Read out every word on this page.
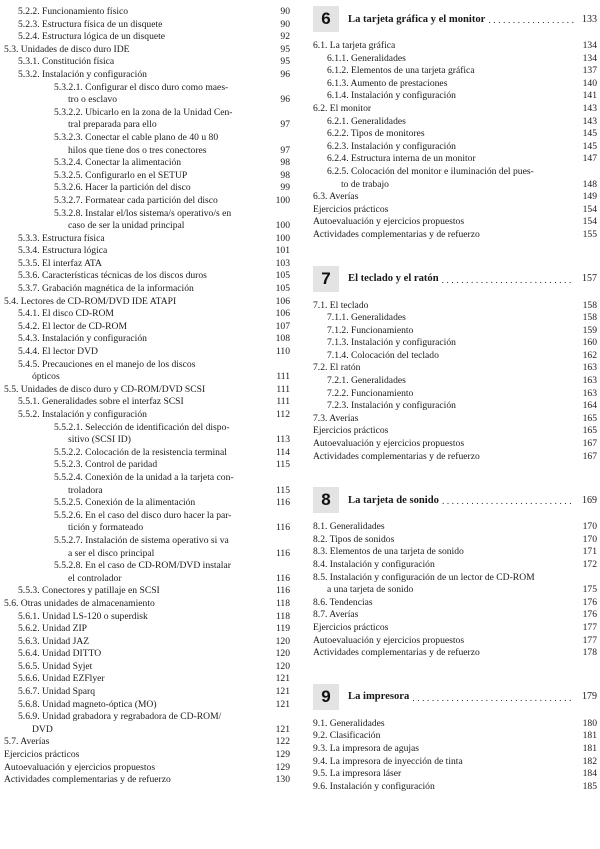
5.2.2. Funcionamiento físico	90
5.2.3. Estructura física de un disquete	90
5.2.4. Estructura lógica de un disquete	92
5.3. Unidades de disco duro IDE	95
5.3.1. Constitución física	95
5.3.2. Instalación y configuración	96
5.3.2.1. Configurar el disco duro como maes-
tro o esclavo	96
5.3.2.2. Ubicarlo en la zona de la Unidad Cen-
tral preparada para ello	97
5.3.2.3. Conectar el cable plano de 40 u 80
hilos que tiene dos o tres conectores	97
5.3.2.4. Conectar la alimentación	98
5.3.2.5. Configurarlo en el SETUP	98
5.3.2.6. Hacer la partición del disco	99
5.3.2.7. Formatear cada partición del disco	100
5.3.2.8. Instalar el/los sistema/s operativo/s en
caso de ser la unidad principal	100
5.3.3. Estructura física	100
5.3.4. Estructura lógica	101
5.3.5. El interfaz ATA	103
5.3.6. Características técnicas de los discos duros	105
5.3.7. Grabación magnética de la información	105
5.4. Lectores de CD-ROM/DVD IDE ATAPI	106
5.4.1. El disco CD-ROM	106
5.4.2. El lector de CD-ROM	107
5.4.3. Instalación y configuración	108
5.4.4. El lector DVD	110
5.4.5. Precauciones en el manejo de los discos
ópticos	111
5.5. Unidades de disco duro y CD-ROM/DVD SCSI	111
5.5.1. Generalidades sobre el interfaz SCSI	111
5.5.2. Instalación y configuración	112
5.5.2.1. Selección de identificación del dispo-
sitivo (SCSI ID)	113
5.5.2.2. Colocación de la resistencia terminal	114
5.5.2.3. Control de paridad	115
5.5.2.4. Conexión de la unidad a la tarjeta con-
troladora	115
5.5.2.5. Conexión de la alimentación	116
5.5.2.6. En el caso del disco duro hacer la par-
tición y formateado	116
5.5.2.7. Instalación de sistema operativo si va
a ser el disco principal	116
5.5.2.8. En el caso de CD-ROM/DVD instalar
el controlador	116
5.5.3. Conectores y patillaje en SCSI	116
5.6. Otras unidades de almacenamiento	118
5.6.1. Unidad LS-120 o superdisk	118
5.6.2. Unidad ZIP	119
5.6.3. Unidad JAZ	120
5.6.4. Unidad DITTO	120
5.6.5. Unidad Syjet	120
5.6.6. Unidad EZFlyer	121
5.6.7. Unidad Sparq	121
5.6.8. Unidad magneto-óptica (MO)	121
5.6.9. Unidad grabadora y regrabadora de CD-ROM/
DVD	121
5.7. Averías	122
Ejercicios prácticos	129
Autoevaluación y ejercicios propuestos	129
Actividades complementarias y de refuerzo	130
6	La tarjeta gráfica y el monitor . . .	133
6.1. La tarjeta gráfica	134
6.1.1. Generalidades	134
6.1.2. Elementos de una tarjeta gráfica	137
6.1.3. Aumento de prestaciones	140
6.1.4. Instalación y configuración	141
6.2. El monitor	143
6.2.1. Generalidades	143
6.2.2. Tipos de monitores	145
6.2.3. Instalación y configuración	145
6.2.4. Estructura interna de un monitor	147
6.2.5. Colocación del monitor e iluminación del pues-
to de trabajo	148
6.3. Averías	149
Ejercicios prácticos	154
Autoevaluación y ejercicios propuestos	154
Actividades complementarias y de refuerzo	155
7	El teclado y el ratón . . .	157
7.1. El teclado	158
7.1.1. Generalidades	158
7.1.2. Funcionamiento	159
7.1.3. Instalación y configuración	160
7.1.4. Colocación del teclado	162
7.2. El ratón	163
7.2.1. Generalidades	163
7.2.2. Funcionamiento	163
7.2.3. Instalación y configuración	164
7.3. Averías	165
Ejercicios prácticos	165
Autoevaluación y ejercicios propuestos	167
Actividades complementarias y de refuerzo	167
8	La tarjeta de sonido . . .	169
8.1. Generalidades	170
8.2. Tipos de sonidos	170
8.3. Elementos de una tarjeta de sonido	171
8.4. Instalación y configuración	172
8.5. Instalación y configuración de un lector de CD-ROM
a una tarjeta de sonido	175
8.6. Tendencias	176
8.7. Averías	176
Ejercicios prácticos	177
Autoevaluación y ejercicios propuestos	177
Actividades complementarias y de refuerzo	178
9	La impresora . . .	179
9.1. Generalidades	180
9.2. Clasificación	181
9.3. La impresora de agujas	181
9.4. La impresora de inyección de tinta	182
9.5. La impresora láser	184
9.6. Instalación y configuración	185
